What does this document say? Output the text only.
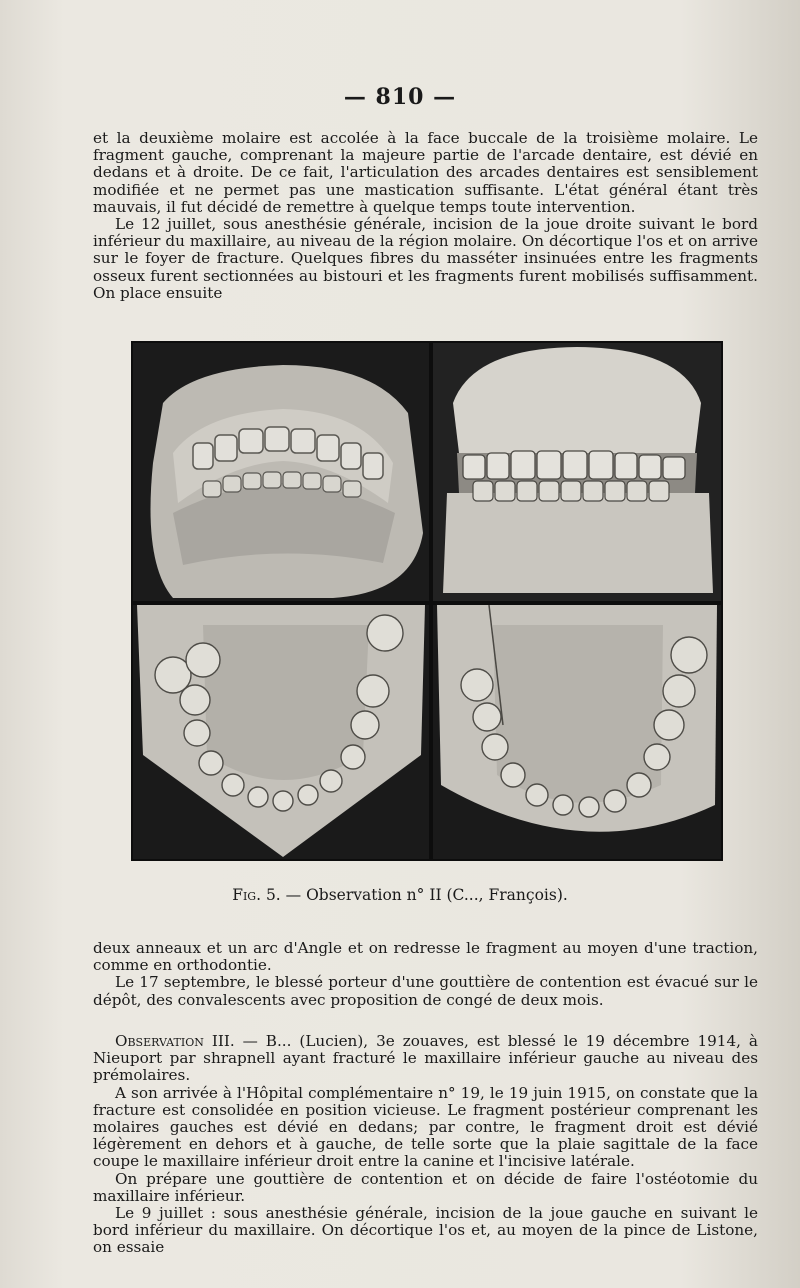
— 810 —

et la deuxième molaire est accolée à la face buccale de la troisième molaire. Le fragment gauche, comprenant la majeure partie de l'arcade dentaire, est dévié en dedans et à droite. De ce fait, l'articulation des arcades dentaires est sensiblement modifiée et ne permet pas une mastication suffisante. L'état général étant très mauvais, il fut décidé de remettre à quelque temps toute intervention.

Le 12 juillet, sous anesthésie générale, incision de la joue droite suivant le bord inférieur du maxillaire, au niveau de la région molaire. On décortique l'os et on arrive sur le foyer de fracture. Quelques fibres du masséter insinuées entre les fragments osseux furent sectionnées au bistouri et les fragments furent mobilisés suffisamment. On place ensuite

Fig. 5. — Observation n° II (C..., François).

deux anneaux et un arc d'Angle et on redresse le fragment au moyen d'une traction, comme en orthodontie.

Le 17 septembre, le blessé porteur d'une gouttière de contention est évacué sur le dépôt, des convalescents avec proposition de congé de deux mois.

Observation III. — B... (Lucien), 3e zouaves, est blessé le 19 décembre 1914, à Nieuport par shrapnell ayant fracturé le maxillaire inférieur gauche au niveau des prémolaires.

A son arrivée à l'Hôpital complémentaire n° 19, le 19 juin 1915, on constate que la fracture est consolidée en position vicieuse. Le fragment postérieur comprenant les molaires gauches est dévié en dedans; par contre, le fragment droit est dévié légèrement en dehors et à gauche, de telle sorte que la plaie sagittale de la face coupe le maxillaire inférieur droit entre la canine et l'incisive latérale.

On prépare une gouttière de contention et on décide de faire l'ostéotomie du maxillaire inférieur.

Le 9 juillet : sous anesthésie générale, incision de la joue gauche en suivant le bord inférieur du maxillaire. On décortique l'os et, au moyen de la pince de Listone, on essaie
